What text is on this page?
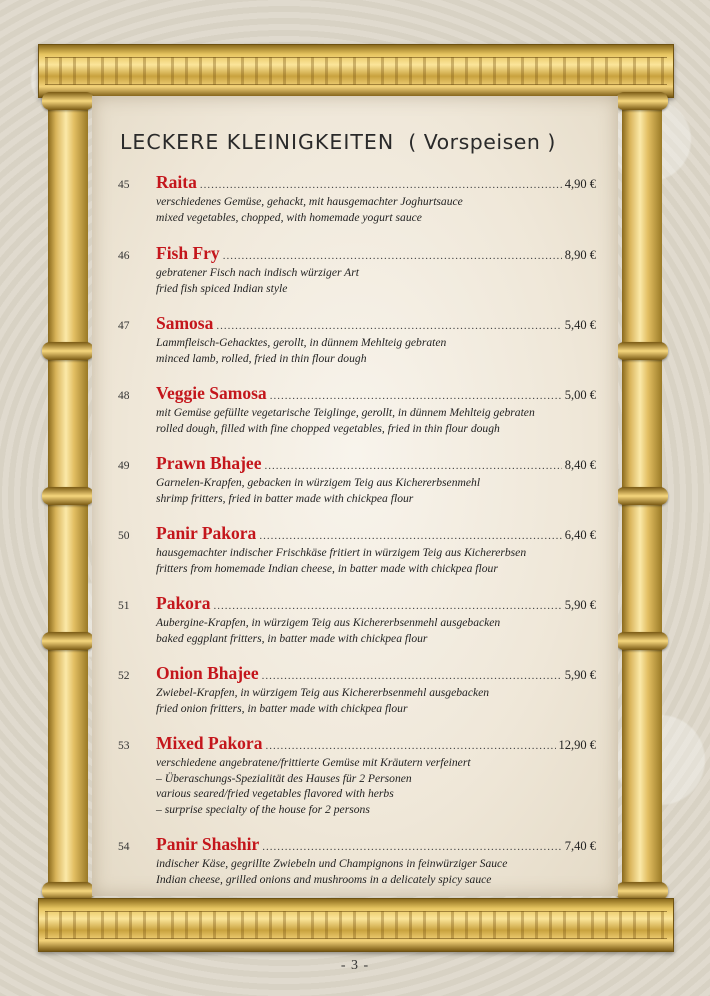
LECKERE KLEINIGKEITEN ( Vorspeisen )
45	Raita .....	4,90 €
verschiedenes Gemüse, gehackt, mit hausgemachter Joghurtsauce
mixed vegetables, chopped, with homemade yogurt sauce
46	Fish Fry .....	8,90 €
gebratener Fisch nach indisch würziger Art
fried fish spiced Indian style
47	Samosa .....	5,40 €
Lammfleisch-Gehacktes, gerollt, in dünnem Mehlteig gebraten
minced lamb, rolled, fried in thin flour dough
48	Veggie Samosa .....	5,00 €
mit Gemüse gefüllte vegetarische Teiglinge, gerollt, in dünnem Mehlteig gebraten
rolled dough, filled with fine chopped vegetables, fried in thin flour dough
49	Prawn Bhajee .....	8,40 €
Garnelen-Krapfen, gebacken in würzigem Teig aus Kichererbsenmehl
shrimp fritters, fried in batter made with chickpea flour
50	Panir Pakora .....	6,40 €
hausgemachter indischer Frischkäse fritiert in würzigem Teig aus Kichererbsen
fritters from homemade Indian cheese, in batter made with chickpea flour
51	Pakora .....	5,90 €
Aubergine-Krapfen, in würzigem Teig aus Kichererbsenmehl ausgebacken
baked eggplant fritters, in batter made with chickpea flour
52	Onion Bhajee .....	5,90 €
Zwiebel-Krapfen, in würzigem Teig aus Kichererbsenmehl ausgebacken
fried onion fritters, in batter made with chickpea flour
53	Mixed Pakora .....	12,90 €
verschiedene angebratene/frittierte Gemüse mit Kräutern verfeinert
– Überaschungs-Spezialität des Hauses für 2 Personen
various seared/fried vegetables flavored with herbs
– surprise specialty of the house for 2 persons
54	Panir Shashir .....	7,40 €
indischer Käse, gegrillte Zwiebeln und Champignons in feinwürziger Sauce
Indian cheese, grilled onions and mushrooms in a delicately spicy sauce
- 3 -
